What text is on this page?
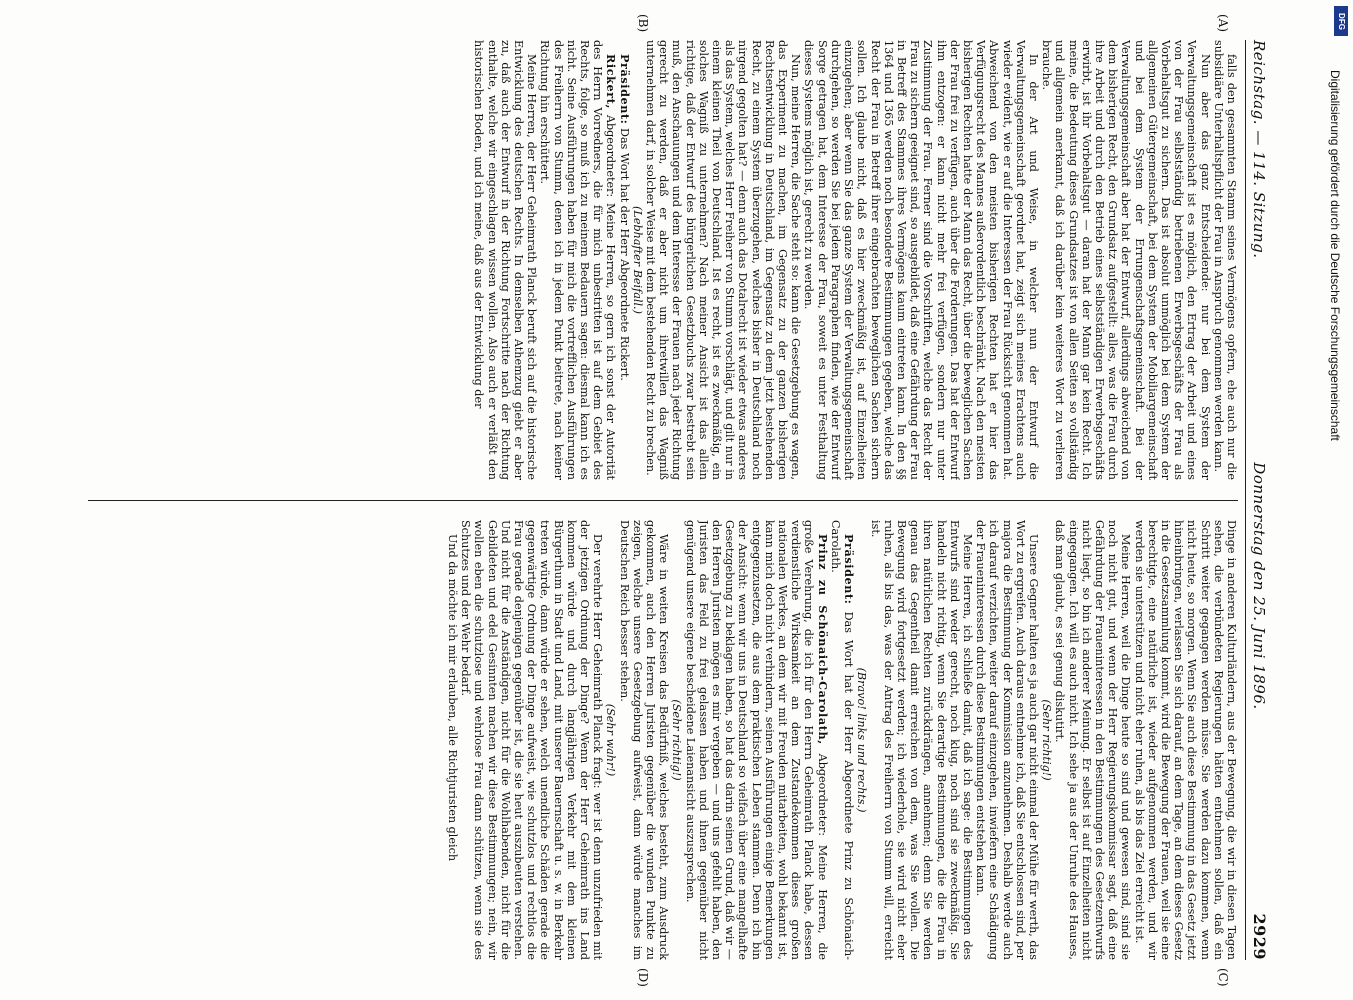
DFG
Digitalisierung gefördert durch die Deutsche Forschungsgemeinschaft
Reichstag. — 114. Sitzung.
Donnerstag den 25. Juni 1896.
2929

falls den gesammten Stamm seines Vermögens opfern, ehe auch nur die subsidiäre Unterhaltspflicht der Frau in Anspruch genommen werden kann.

Nun aber das ganz Entscheidende: nur bei dem System der Verwaltungsgemeinschaft ist es möglich, den Ertrag der Arbeit und eines von der Frau selbstständig betriebenen Erwerbsgeschäfts der Frau als Vorbehaltsgut zu sichern. Das ist absolut unmöglich bei dem System der allgemeinen Gütergemeinschaft, bei dem System der Mobiliargemeinschaft und bei dem System der Errungenschaftsgemeinschaft. Bei der Verwaltungsgemeinschaft aber hat der Entwurf, allerdings abweichend von dem bisherigen Recht, den Grundsatz aufgestellt: alles, was die Frau durch ihre Arbeit und durch den Betrieb eines selbstständigen Erwerbsgeschäfts erwirbt, ist ihr Vorbehaltsgut — daran hat der Mann gar kein Recht. Ich meine, die Bedeutung dieses Grundsatzes ist von allen Seiten so vollständig und allgemein anerkannt, daß ich darüber kein weiteres Wort zu verlieren brauche.

In der Art und Weise, in welcher nun der Entwurf die Verwaltungsgemeinschaft geordnet hat, zeigt sich meines Erachtens auch wieder evident, wie er auf die Interessen der Frau Rücksicht genommen hat. Abweichend von den meisten bisherigen Rechten hat er hier das Verfügungsrecht des Mannes außerordentlich beschränkt. Nach den meisten bisherigen Rechten hatte der Mann das Recht, über die beweglichen Sachen der Frau frei zu verfügen, auch über die Forderungen. Das hat der Entwurf ihm entzogen: er kann nicht mehr frei verfügen, sondern nur unter Zustimmung der Frau. Ferner sind die Vorschriften, welche das Recht der Frau zu sichern geeignet sind, so ausgebildet, daß eine Gefährdung der Frau in Betreff des Stammes ihres Vermögens kaum eintreten kann. In den §§ 1364 und 1365 werden noch besondere Bestimmungen gegeben, welche das Recht der Frau in Betreff ihrer eingebrachten beweglichen Sachen sichern sollen. Ich glaube nicht, daß es hier zweckmäßig ist, auf Einzelheiten einzugehen; aber wenn Sie das ganze System der Verwaltungsgemeinschaft durchgehen, so werden Sie bei jedem Paragraphen finden, wie der Entwurf Sorge getragen hat, dem Interesse der Frau, soweit es unter Festhaltung dieses Systems möglich ist, gerecht zu werden.

Nun, meine Herren, die Sache steht so: kann die Gesetzgebung es wagen, das Experiment zu machen, im Gegensatz zu der ganzen bisherigen Rechtsentwicklung in Deutschland, im Gegensatz zu dem jetzt bestehenden Recht, zu einem System überzugehen, welches bisher in Deutschland noch nirgend gegolten hat? — denn auch das Dotalrecht ist wieder etwas anderes als das System, welches Herr Freiherr von Stumm vorschlägt, und gilt nur in einem kleinen Theil von Deutschland. Ist es recht, ist es zweckmäßig, ein solches Wagniß zu unternehmen? Nach meiner Ansicht ist das allein richtige, daß der Entwurf des bürgerlichen Gesetzbuchs zwar bestrebt sein muß, den Anschauungen und dem Interesse der Frauen nach jeder Richtung gerecht zu werden, daß er aber nicht um ihretwillen das Wagniß unternehmen darf, in solcher Weise mit dem bestehenden Recht zu brechen.

(Lebhafter Beifall.)

Präsident: Das Wort hat der Herr Abgeordnete Rickert.

Rickert, Abgeordneter: Meine Herren, so gern ich sonst der Autorität des Herrn Vorredners, die für mich unbestritten ist auf dem Gebiet des Rechts, folge, so muß ich zu meinem Bedauern sagen: diesmal kann ich es nicht. Seine Ausführungen haben für mich die vortrefflichen Ausführungen des Freiherrn von Stumm, denen ich in jedem Punkt beitrete, nach keiner Richtung hin erschüttert.

Meine Herren, der Herr Geheimrath Planck beruft sich auf die historische Entwicklung des deutschen Rechts. In demselben Athemzug giebt er aber zu, daß auch der Entwurf in der Richtung Fortschritte nach der Richtung enthalte, welche wir eingeschlagen wissen wollen. Also auch er verläßt den historischen Boden, und ich meine, daß aus der Entwicklung der

Dinge in anderen Kulturländern, aus der Bewegung, die wir in diesen Tagen sehen, die verbündeten Regierungen hätten entnehmen sollen, daß ein Schritt weiter gegangen werden müsse. Sie werden dazu kommen, wenn nicht heute, so morgen. Wenn Sie auch diese Bestimmung in das Gesetz jetzt hineinbringen, verlassen Sie sich darauf, an dem Tage, an dem dieses Gesetz in die Gesetzsammlung kommt, wird die Bewegung der Frauen, weil sie eine berechtigte, eine natürliche ist, wieder aufgenommen werden, und wir werden sie unterstützen und nicht eher ruhen, als bis das Ziel erreicht ist.

Meine Herren, weil die Dinge heute so sind und gewesen sind, sind sie noch nicht gut, und wenn der Herr Regierungskommissar sagt, daß eine Gefährdung der Fraueninteressen in den Bestimmungen des Gesetzentwurfs nicht liegt, so bin ich anderer Meinung. Er selbst ist auf Einzelheiten nicht eingegangen. Ich will es auch nicht. Ich sehe ja aus der Unruhe des Hauses, daß man glaubt, es sei genug diskutirt.

(Sehr richtig!)

Unsere Gegner halten es ja auch gar nicht einmal der Mühe für werth, das Wort zu ergreifen. Auch daraus entnehme ich, daß Sie entschlossen sind, per majora die Bestimmung der Kommission anzunehmen. Deshalb werde auch ich darauf verzichten, weiter darauf einzugehen, inwiefern eine Schädigung der Fraueninteressen durch diese Bestimmungen entstehen kann.

Meine Herren, ich schließe damit, daß ich sage: die Bestimmungen des Entwurfs sind weder gerecht, noch klug, noch sind sie zweckmäßig. Sie handeln nicht richtig, wenn Sie derartige Bestimmungen, die die Frau in ihren natürlichen Rechten zurückdrängen, annehmen; denn Sie werden genau das Gegentheil damit erreichen von dem, was Sie wollen. Die Bewegung wird fortgesetzt werden; ich wiederhole, sie wird nicht eher ruhen, als bis das, was der Antrag des Freiherrn von Stumm will, erreicht ist.

(Bravo! links und rechts.)

Präsident: Das Wort hat der Herr Abgeordnete Prinz zu Schönaich-Carolath.

Prinz zu Schönaich-Carolath, Abgeordneter: Meine Herren, die große Verehrung, die ich für den Herrn Geheimrath Planck habe, dessen verdienstliche Wirksamkeit an dem Zustandekommen dieses großen nationalen Werkes, an dem wir mit Freuden mitarbeiten, wohl bekannt ist, kann mich doch nicht verhindern, seinen Ausführungen einige Bemerkungen entgegenzusetzen, die aus dem praktischen Leben stammen. Denn ich bin der Ansicht: wenn wir uns in Deutschland so vielfach über eine mangelhafte Gesetzgebung zu beklagen haben, so hat das darin seinen Grund, daß wir — den Herren Juristen mögen es mir vergeben — und uns gefehlt haben, den Juristen das Feld zu frei gelassen haben und ihnen gegenüber nicht genügend unsere eigene bescheidene Laienansicht auszusprechen.

(Sehr richtig!)

Wäre in weiten Kreisen das Bedürfniß, welches besteht, zum Ausdruck gekommen, auch den Herren Juristen gegenüber die wunden Punkte zu zeigen, welche unsere Gesetzgebung aufweist, dann würde manches im Deutschen Reich besser stehen.

(Sehr wahr!)

Der verehrte Herr Geheimrath Planck fragt: wer ist denn unzufrieden mit der jetzigen Ordnung der Dinge? Wenn der Herr Geheimrath ins Land kommen würde und durch langjährigen Verkehr mit dem kleinen Bürgerthum in Stadt und Land, mit unserer Bauernschaft u. s. w. in Berkehr treten würde, dann würde er sehen, welch unendliche Schäden gerade die gegenwärtige Ordnung der Dinge aufweist, wie schutzlos und rechtlos die Frau gerade denjenigen gegenüber ist, die sie heut auszubeuten verstehen. Und nicht für die Anständigen, nicht für die Wohlhabenden, nicht für die Gebildeten und edel Gesinnten machen wir diese Bestimmungen; nein, wir wollen eben die schutzlose und wehrlose Frau dann schützen, wenn sie des Schutzes und der Wehr bedarf.

Und da möchte ich mir erlauben, alle Richtjuristen gleich

(A)
(B)
(C)
(D)
